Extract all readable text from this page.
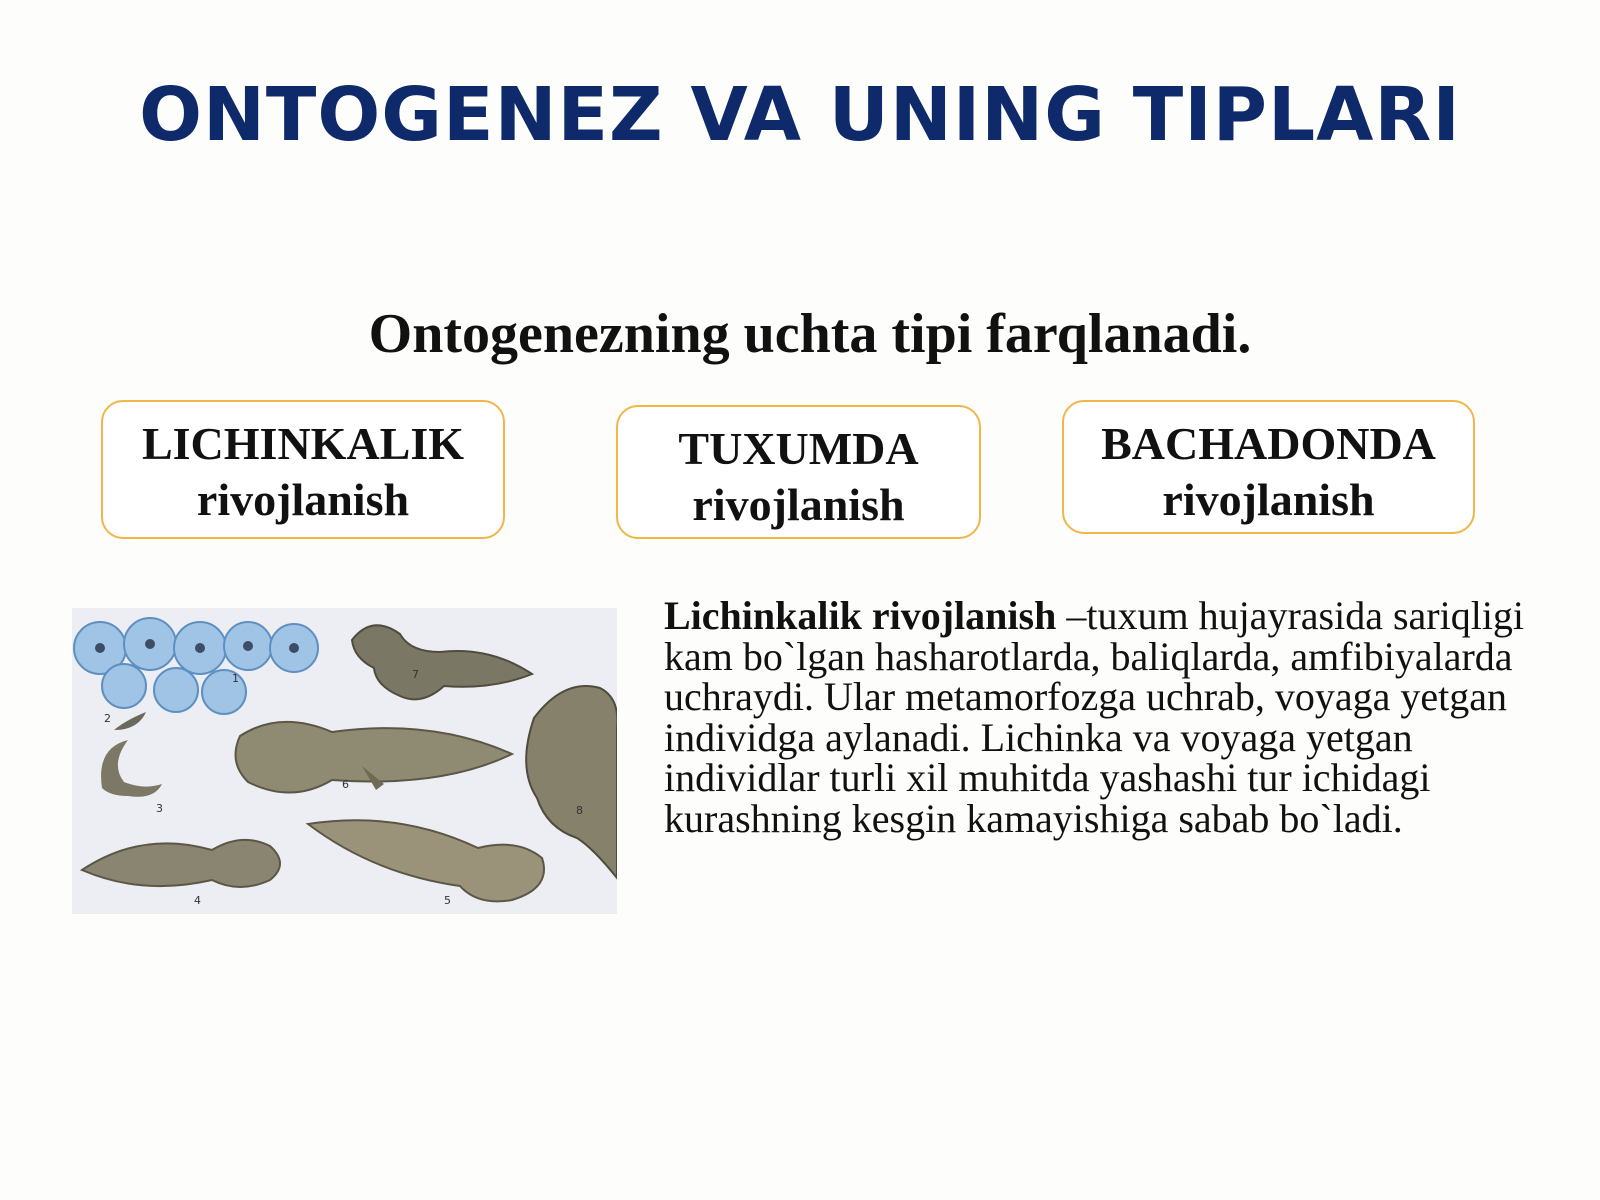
ONTOGENEZ VA UNING TIPLARI
Ontogenezning uchta tipi farqlanadi.
LICHINKALIK
rivojlanish
TUXUMDA
rivojlanish
BACHADONDA
rivojlanish
1
2
3
4	5
6
7
8
Lichinkalik rivojlanish –tuxum hujayrasida sariqligi kam bo`lgan hasharotlarda, baliqlarda, amfibiyalarda uchraydi. Ular metamorfozga uchrab, voyaga yetgan individga aylanadi. Lichinka va voyaga yetgan individlar turli xil muhitda yashashi tur ichidagi kurashning kesgin kamayishiga sabab bo`ladi.
